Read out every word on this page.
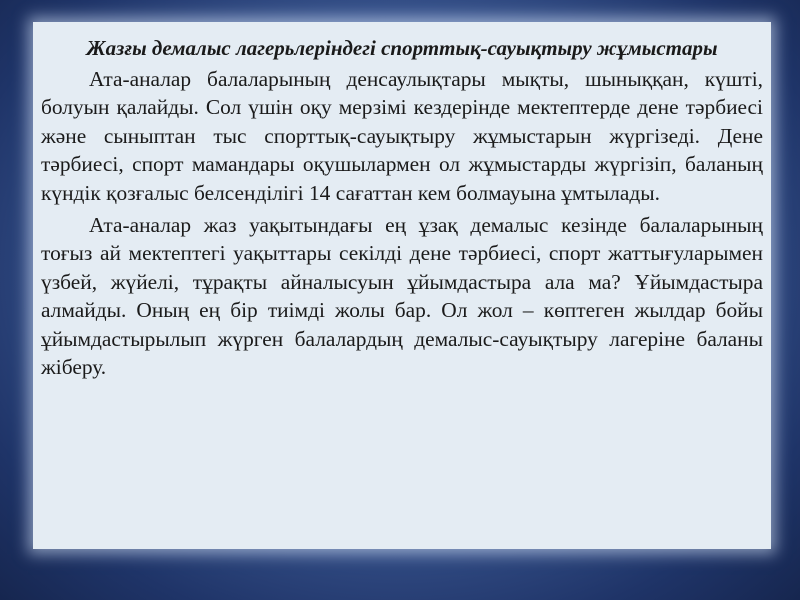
Жазғы демалыс лагерьлеріндегі спорттық-сауықтыру жұмыстары

Ата-аналар балаларының денсаулықтары мықты, шыныққан, күшті, болуын қалайды. Сол үшін оқу мерзімі кездерінде мектептерде дене тәрбиесі және сыныптан тыс спорттық-сауықтыру жұмыстарын жүргізеді. Дене тәрбиесі, спорт мамандары оқушылармен ол жұмыстарды жүргізіп, баланың күндік қозғалыс белсенділігі 14 сағаттан кем болмауына ұмтылады.

Ата-аналар жаз уақытындағы ең ұзақ демалыс кезінде балаларының тоғыз ай мектептегі уақыттары секілді дене тәрбиесі, спорт жаттығуларымен үзбей, жүйелі, тұрақты айналысуын ұйымдастыра ала ма? Ұйымдастыра алмайды. Оның ең бір тиімді жолы бар. Ол жол – көптеген жылдар бойы ұйымдастырылып жүрген балалардың демалыс-сауықтыру лагеріне баланы жіберу.
